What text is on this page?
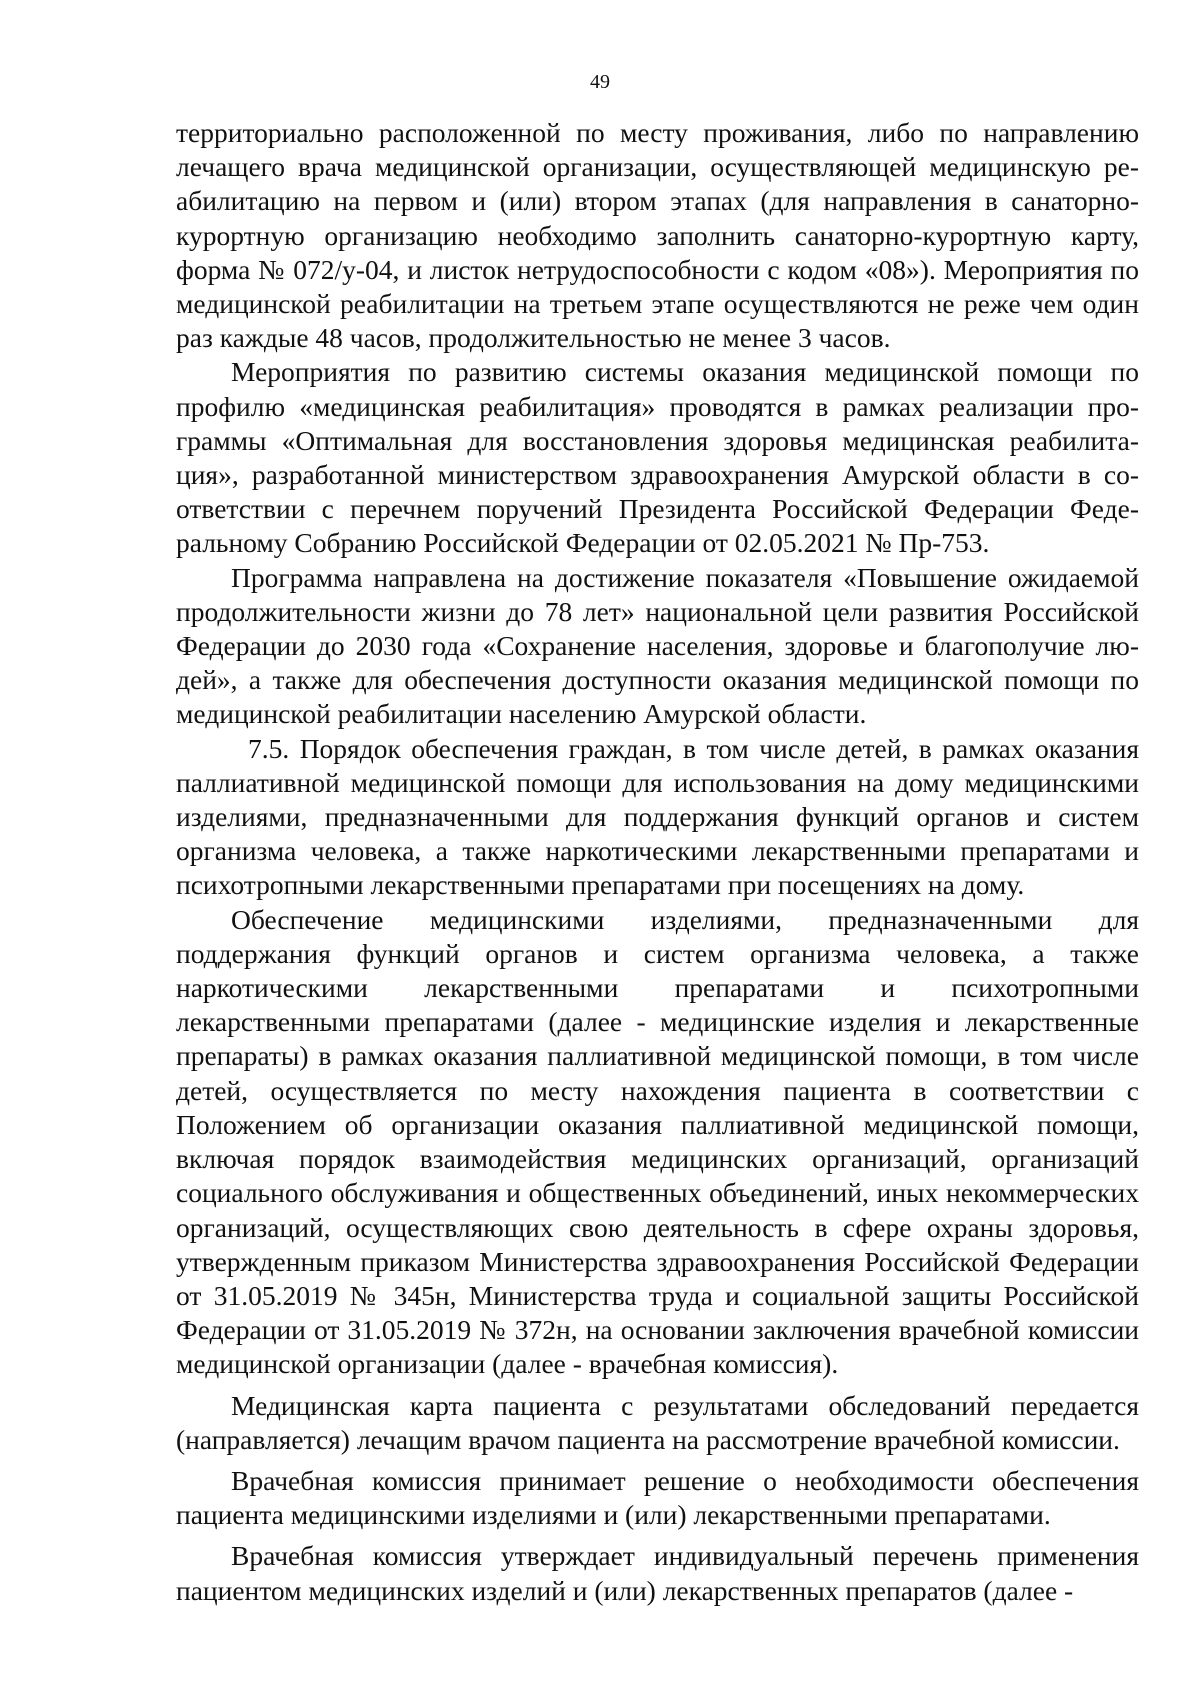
49

территориально расположенной по месту проживания, либо по направлению лечащего врача медицинской организации, осуществляющей медицинскую реабилитацию на первом и (или) втором этапах (для направления в санаторно-курортную организацию необходимо заполнить санаторно-курортную карту, форма № 072/у-04, и листок нетрудоспособности с кодом «08»). Мероприятия по медицинской реабилитации на третьем этапе осуществляются не реже чем один раз каждые 48 часов, продолжительностью не менее 3 часов.

Мероприятия по развитию системы оказания медицинской помощи по профилю «медицинская реабилитация» проводятся в рамках реализации программы «Оптимальная для восстановления здоровья медицинская реабилитация», разработанной министерством здравоохранения Амурской области в соответствии с перечнем поручений Президента Российской Федерации Федеральному Собранию Российской Федерации от 02.05.2021 № Пр-753.

Программа направлена на достижение показателя «Повышение ожидаемой продолжительности жизни до 78 лет» национальной цели развития Российской Федерации до 2030 года «Сохранение населения, здоровье и благополучие людей», а также для обеспечения доступности оказания медицинской помощи по медицинской реабилитации населению Амурской области.

7.5. Порядок обеспечения граждан, в том числе детей, в рамках оказания паллиативной медицинской помощи для использования на дому медицинскими изделиями, предназначенными для поддержания функций органов и систем организма человека, а также наркотическими лекарственными препаратами и психотропными лекарственными препаратами при посещениях на дому.

Обеспечение медицинскими изделиями, предназначенными для поддержания функций органов и систем организма человека, а также наркотическими лекарственными препаратами и психотропными лекарственными препаратами (далее - медицинские изделия и лекарственные препараты) в рамках оказания паллиативной медицинской помощи, в том числе детей, осуществляется по месту нахождения пациента в соответствии с Положением об организации оказания паллиативной медицинской помощи, включая порядок взаимодействия медицинских организаций, организаций социального обслуживания и общественных объединений, иных некоммерческих организаций, осуществляющих свою деятельность в сфере охраны здоровья, утвержденным приказом Министерства здравоохранения Российской Федерации от 31.05.2019 № 345н, Министерства труда и социальной защиты Российской Федерации от 31.05.2019 № 372н, на основании заключения врачебной комиссии медицинской организации (далее - врачебная комиссия).

Медицинская карта пациента с результатами обследований передается (направляется) лечащим врачом пациента на рассмотрение врачебной комиссии.

Врачебная комиссия принимает решение о необходимости обеспечения пациента медицинскими изделиями и (или) лекарственными препаратами.

Врачебная комиссия утверждает индивидуальный перечень применения пациентом медицинских изделий и (или) лекарственных препаратов (далее -
